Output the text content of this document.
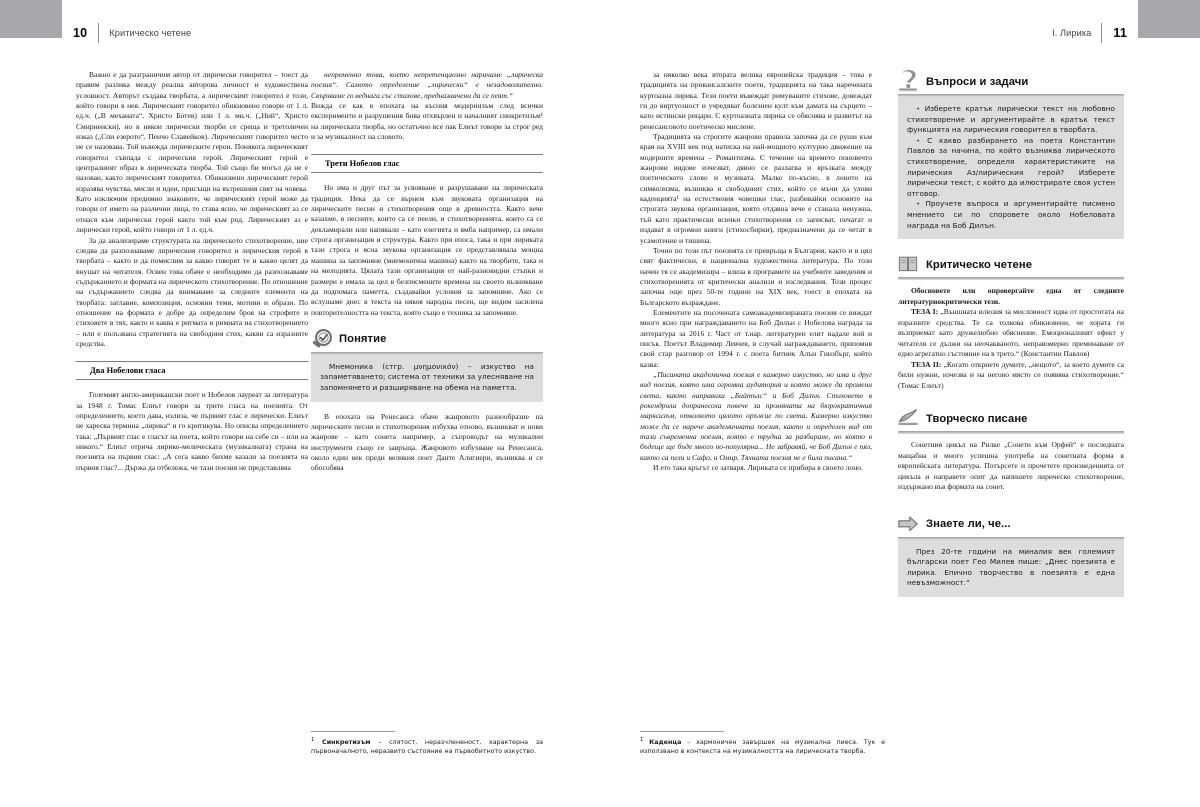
10	Критическо четене	11
I. Лирика

Важно е да разграничим автор от лирически говорител – тоест да правим разлика между реална авторова личност и художествена условност. Авторът създава творбата, а лирическият говорител е този, който говори в нея. Лирическият говорител обикновено говори от 1 л. ед.ч. („В механата“, Христо Ботев) или 1 л. мн.ч. („Ний“, Христо Смирненски), но в някои лирически творби се среща и третоличен изказ („Спи езерото“, Пенчо Славейков). Лирическият говорител често не се назовава. Той въвежда лирическите герои. Понякога лирическият говорител съвпада с лирическия герой. Лирическият герой е централният образ в лирическата творба. Той също би могъл да не е назован, както лирическият говорител. Обикновено лирическият герой изразява чувства, мисли и идеи, присъщи на вътрешния свят на човека. Като изключим предимно знаковите, че лирическият герой може да говори от името на различни лица, то става ясно, че лирическият аз се отнася към лирически герой както той към род. Лирическият аз е лирически герой, който говори от 1 л. ед.ч.

За да анализираме структурата на лирическото стихотворение, ние следва да разпознаваме лирическия говорител и лирическия герой в творбата – както и да помислим за какво говорят те и какво целят да внушат на читателя. Освен това обаче е необходимо да разпознаваме съдържанието и формата на лирическото стихотворение. По отношение на съдържанието следва да внимаваме за следните елементи на творбата: заглавие, композиция, основни теми, мотиви и образи. По отношение на формата е добре да определим броя на строфите и стиховете в тях, както и каква е ритмата и римната на стихотворението – или е полъзвана стратегията на свободния стих, какви са изразните средства.

Два Нобелови гласа

Големият англо-американски поет и Нобелов лауреат за литература за 1948 г. Томас Елиът говори за трите гласа на поезията. От определението, което дава, излиза, че първият глас е лирически. Елиът не харесва термина „лирика“ и го критикува. Но описва определението така: „Първият глас е гласът на поета, който говори на себе си – или на никого.“ Елиът отрича лирико-мелическата (музикалната) страна на поезията на първия глас: „А сега какво бихме казали за поезията на първия глас?... Държа да отбележа, че тази поезия не представлява

непременно това, което непретенциозно наричаме „лирическа поезия“. Самото определение „лирически“ е незадоволително. Свързваме го веднага със стихове, предназначени да се пеят.“

Вижда се как в епохата на късния модернизъм след всички експерименти и разрушения бива отхвърлен и началният синкретизъм¹ на лирическата творба, но остатъчно все пак Елиът говори за строг ред и за музикалност на словото.

Трети Нобелов глас

Но има и друг път за усвояване и разрушаване на лирическата традиция. Нека да се върнем към звуковата организация на лирическите песни и стихотворения още в древността. Както вече казахме, в песните, които са се пеели, и стихотворенията, които са се декламирали или напявали – като елегията и ямба например, са имали строга организация и структура. Както при епоса, така и при лириката тази строга и ясна звукова организация се представлявала мощна машина за запомняне (мнемонична машина) както на творбите, така и на мелодията. Цялата тази организация от най-разновидни стъпки и размери е имала за цел в безписмените времена на своето възникване да подпомага паметта, създавайки условия за запомняне. Ако се вслушаме днес в текста на някоя народна песен, ще видим засилена повторителността на текста, която също е техника за запомняне.

Понятие

Мнемоника (стгр. μνημονικόν) – изкуство на запаметяването; система от техники за улесняване на запомнянето и разширяване на обема на паметта.

В епохата на Ренесанса обаче жанровото разнообразие на лирическите песни и стихотворения избухва отново, възникват и нови жанрове – като сонета например, а съпроводът на музикални инструменти също се завръща. Жанровото избухване на Ренесанса, около един век преди великия поет Данте Алигиери, възниква и се обособява

за няколко века втората велика европейска традиция – това е традицията на провансалските поети, традицията на така наречената куртоазна лирика. Тези поети въвеждат римуваните стихове, довеждат ги до виртуозност и учредяват болезнен култ към дамата на сърцето – като истински рицари. С куртоазната лирика се обяснява и развитът на ренесансовото поетическо мислене.

Традицията на строгите жанрови правила започва да се руши към края на XVIII век под натиска на най-мощното културно движение на модерните времена – Романтизма. С течение на времето поновечто жанрови видове изчезват, дявно се разлагва и връзката между поетическото слово и музиката. Малко по-късно, в лоното на символизма, възниква и свободният стих, който се мъчи да улови каденцията¹ на естествения човешки глас, разбивайки основите на строгата звукова организация, която отдавна вече е станала ненужна, тъй като практически всички стихотворения се записват, печатат и издават в огромни книги (стихосбирки), предназначени да се четат в усамотение и тишина.

Точно по този път поезията се превръща в България, както и в цял свят фактически, в национална художествена литература. По този начин тя се академизира – влиза в програмите на учебните заведения и стихотворенията от критически анализи и изследвания. Този процес започва още през 50-те години на XIX век, тоест в епохата на Българското възраждане.

Елементите на посочената самоакадемизираната поезия се виждат много ясно при награждаването на Боб Дилън с Нобелова награда за литература за 2016 г. Част от т.нар. литературен елит надале вой и писък. Поетът Владимир Левчев, в случай награждаването, припомня свой стар разговор от 1994 г. с поета битник Алън Гинзбърг, който казва:

„Писаната академична поезия е камерно изкуство, но има и друг вид поезия, която има огромна аудитория и която може да промени света, както направиха „Бийтълс“ и Боб Дилън. Стиховете в рокендрола допринесоха повече за промяната на бюрократичния марксизъм, отколкото цялото оръжие по света. Камерно изкуство може да се нарече академичната поезия, както и определен вид от тази съвременна поезия, която е трудна за разбиране, но която в бъдеще ще бъде много по-популярна... Не забравяй, че Боб Дилън е пял, както са пели и Сафо, и Омир. Тяхната поезия не е била писана.“

И ето така кръгът се затваря. Лириката се прибира в своето лоно.

Въпроси и задачи

• Изберете кратък лирически текст на любовно стихотворение и аргументирайте в кратък текст функцията на лирическия говорител в творбата.

• С какво разбирането на поета Константин Павлов за начина, по който възниква лирическото стихотворение, определя характеристиките на лирическия Аз/лирическия герой? Изберете лирически текст, с който да илюстрирате своя устен отговор.

• Проучете въпроса и аргументирайте писмено мнението си по споровете около Нобеловата награда на Боб Дилън.

Критическо четене

Обосновете или опровергайте една от следните литературнокритически тези.

ТЕЗА I: „Външната илюзия за мисловност идва от простотата на изразните средства. Те са толкова обикновени, че хората ги възприемат като дружелюбно обяснение. Емоционалният ефект у читателя се дължи на неочакваното, неправомерно преминаване от едно агрегатно състояние на в трето.“ (Константин Павлов)

ТЕЗА II: „Когато откриете думите, „нещото“, за което думите са били нужни, изчезва и на негово място се появява стихотворение.“ (Томас Елиът)

Творческо писане

Сонетния цикъл на Рилке „Сонети към Орфей“ е последната мащабна и много успешна употреба на сонетната форма в европейската литература. Потърсете и прочетете произведенията от цикъла и направете опит да напишете лирическо стихотворение, издържано във формата на сонет.

Знаете ли, че...

През 20-те години на миналия век големият български поет Гео Милев пише: „Днес поезията е лирика. Епично творчество в поезията е една невъзможност.“

$^1$ Синкретизъм – слятост, неразчлененост, характерна за първоначалното, неразвито състояние на първобитното изкуство.

$^1$ Каденца – хармоничен завършек на музикална пиеса. Тук е използвано в контекста на музикалността на лирическата творба.
